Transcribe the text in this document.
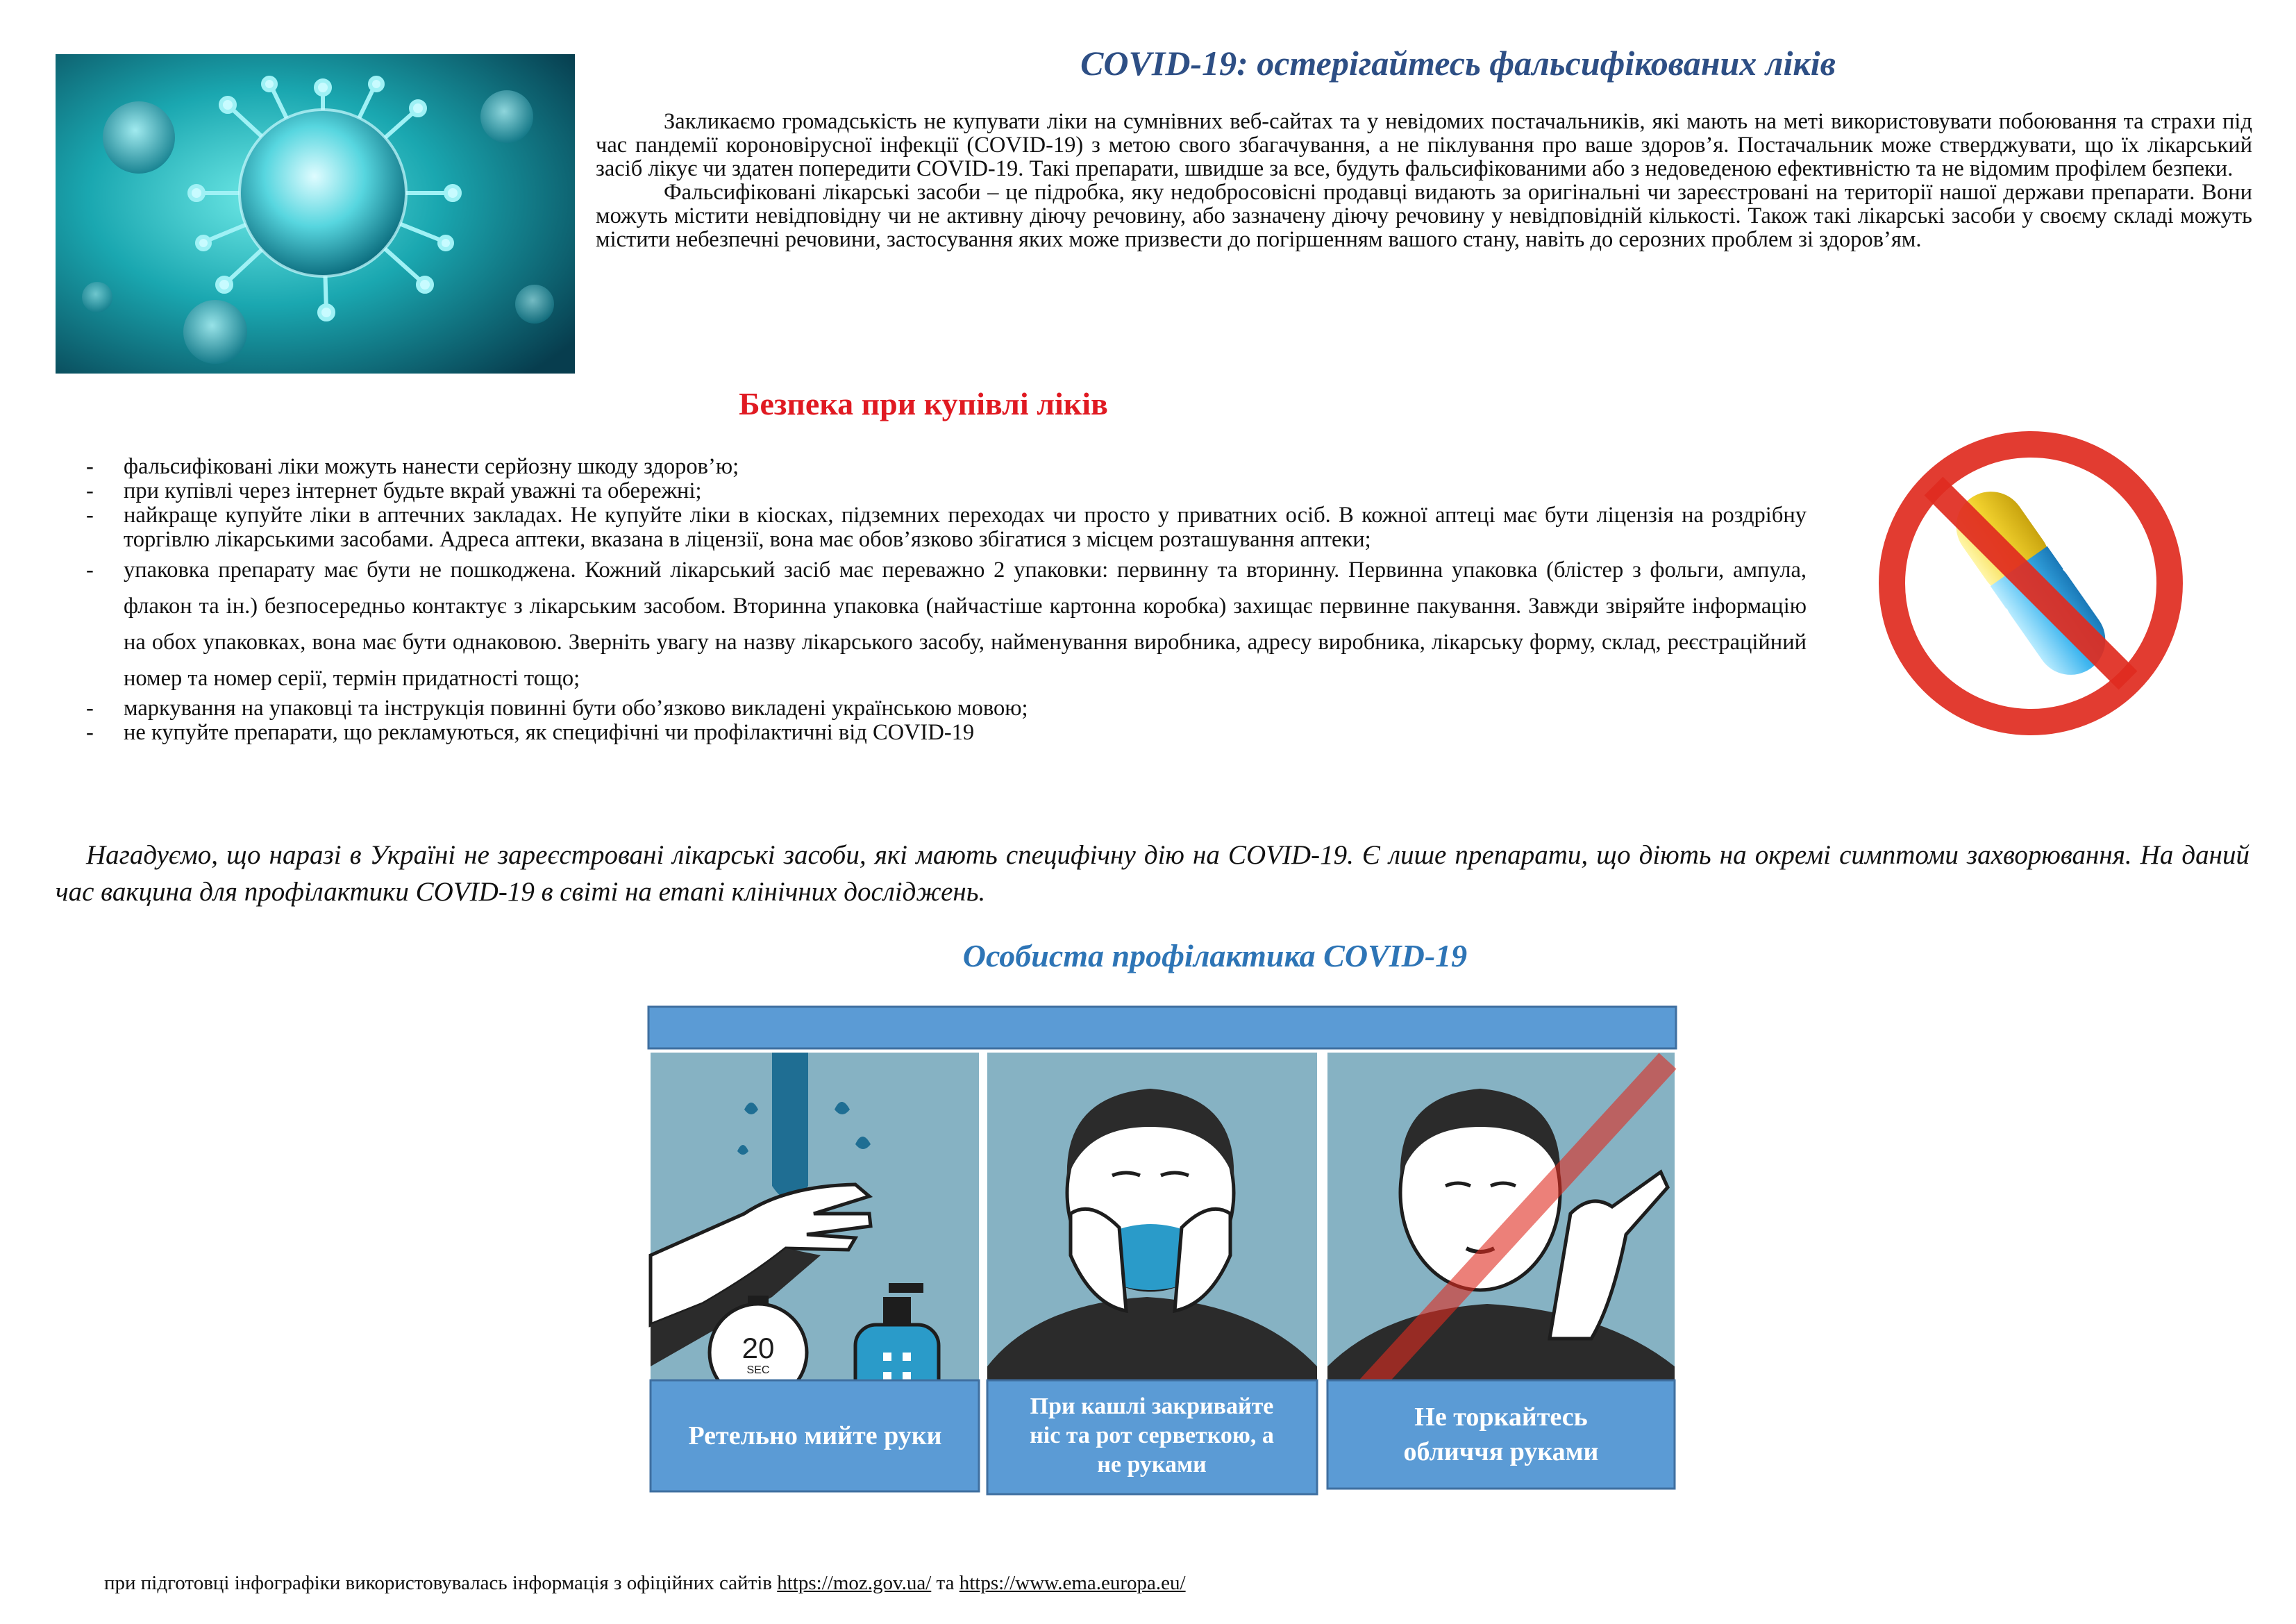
COVID-19: остерігайтесь фальсифікованих ліків

Закликаємо громадськість не купувати ліки на сумнівних веб-сайтах та у невідомих постачальників, які мають на меті використовувати побоювання та страхи під час пандемії короновірусної інфекції (COVID-19) з метою свого збагачування, а не піклування про ваше здоров’я. Постачальник може стверджувати, що їх лікарський засіб лікує чи здатен попередити COVID-19. Такі препарати, швидше за все, будуть фальсифікованими або з недоведеною ефективністю та не відомим профілем безпеки.

Фальсифіковані лікарські засоби – це підробка, яку недобросовісні продавці видають за оригінальні чи зареєстровані на території нашої держави препарати. Вони можуть містити невідповідну чи не активну діючу речовину, або зазначену діючу речовину у невідповідній кількості. Також такі лікарські засоби у своєму складі можуть містити небезпечні речовини, застосування яких може призвести до погіршенням вашого стану, навіть до серозних проблем зі здоров’ям.

Безпека при купівлі ліків
- фальсифіковані ліки можуть нанести серйозну шкоду здоров’ю;
- при купівлі через інтернет будьте вкрай уважні та обережні;
- найкраще купуйте ліки в аптечних закладах. Не купуйте ліки в кіосках, підземних переходах чи просто у приватних осіб. В кожної аптеці має бути ліцензія на роздрібну торгівлю лікарськими засобами. Адреса аптеки, вказана в ліцензії, вона має обов’язково збігатися з місцем розташування аптеки;
- упаковка препарату має бути не пошкоджена. Кожний лікарський засіб має переважно 2 упаковки: первинну та вторинну. Первинна упаковка (блістер з фольги, ампула, флакон та ін.) безпосередньо контактує з лікарським засобом. Вторинна упаковка (найчастіше картонна коробка) захищає первинне пакування. Завжди звіряйте інформацію на обох упаковках, вона має бути однаковою. Зверніть увагу на назву лікарського засобу, найменування виробника, адресу виробника, лікарську форму, склад, реєстраційний номер та номер серії, термін придатності тощо;
- маркування на упаковці та інструкція повинні бути обо’язково викладені українською мовою;
- не купуйте препарати, що рекламуються, як специфічні чи профілактичні від COVID-19
Нагадуємо, що наразі в Україні не зареєстровані лікарські засоби, які мають специфічну дію на COVID-19. Є лише препарати, що діють на окремі симптоми захворювання. На даний час вакцина для профілактики COVID-19 в світі на етапі клінічних досліджень.
Особиста профілактика COVID-19
20
SEC
Ретельно мийте руки
При кашлі закривайте
ніс та рот серветкою, а
не руками
Не торкайтесь
обличчя руками
при підготовці інфографіки використовувалась інформація з офіційних сайтів https://moz.gov.ua/ та https://www.ema.europa.eu/
